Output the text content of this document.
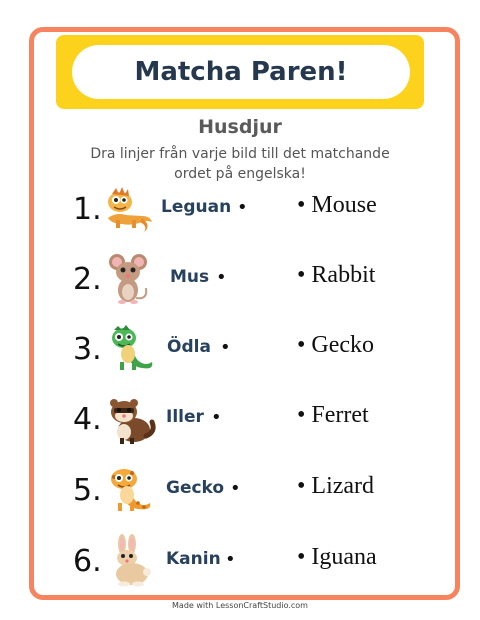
Matcha Paren!
Husdjur
Dra linjer från varje bild till det matchande
ordet på engelska!
1.	Leguan • • Mouse
2.	Mus •	• Rabbit
3.	Ödla •	• Gecko
4.	Iller •	• Ferret
5.	Gecko • • Lizard
6.	Kanin •	• Iguana
Made with LessonCraftStudio.com
